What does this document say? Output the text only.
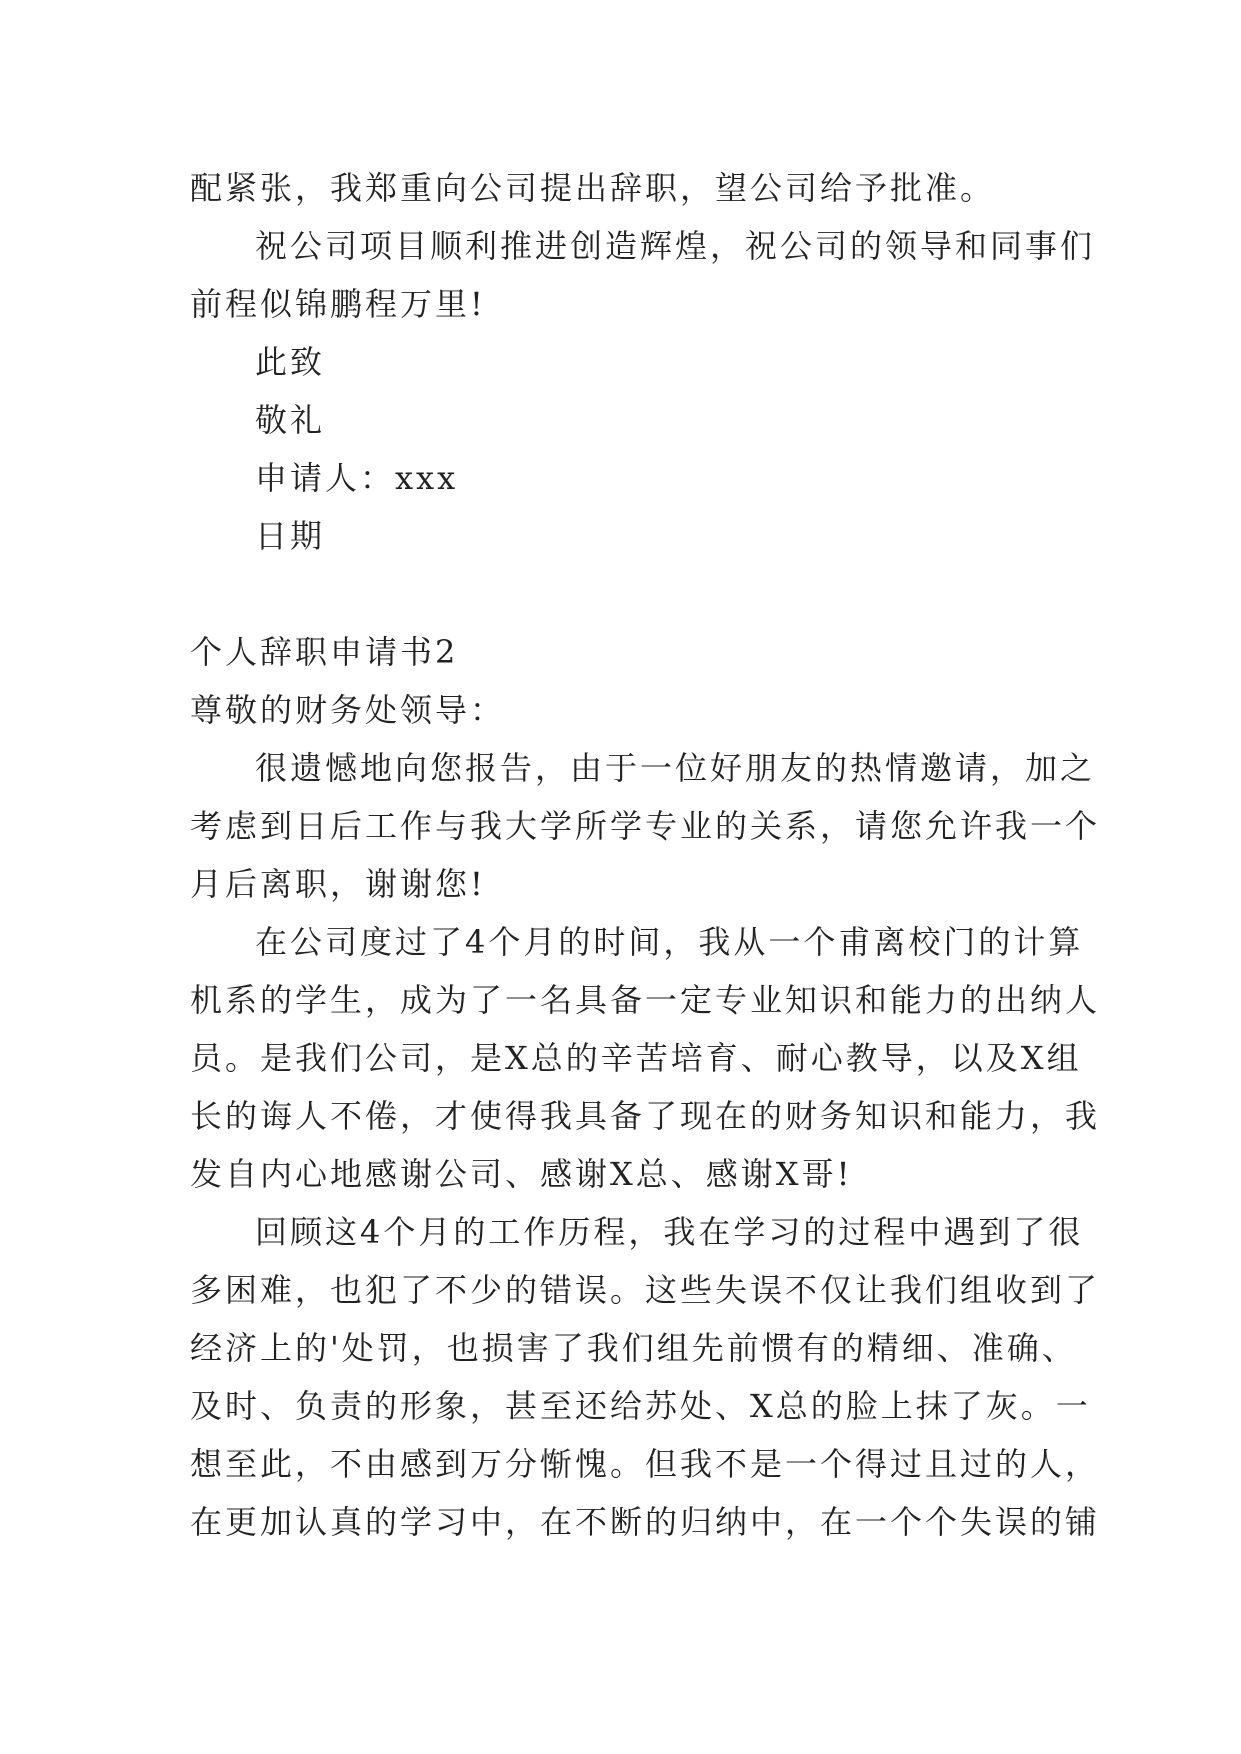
配紧张，我郑重向公司提出辞职，望公司给予批准。
祝公司项目顺利推进创造辉煌，祝公司的领导和同事们
前程似锦鹏程万里!
此致
敬礼
申请人：xxx
日期
个人辞职申请书2
尊敬的财务处领导：
很遗憾地向您报告，由于一位好朋友的热情邀请，加之
考虑到日后工作与我大学所学专业的关系，请您允许我一个
月后离职，谢谢您!
在公司度过了4个月的时间，我从一个甫离校门的计算
机系的学生，成为了一名具备一定专业知识和能力的出纳人
员。是我们公司，是X总的辛苦培育、耐心教导，以及X组
长的诲人不倦，才使得我具备了现在的财务知识和能力，我
发自内心地感谢公司、感谢X总、感谢X哥!
回顾这4个月的工作历程，我在学习的过程中遇到了很
多困难，也犯了不少的错误。这些失误不仅让我们组收到了
经济上的'处罚，也损害了我们组先前惯有的精细、准确、
及时、负责的形象，甚至还给苏处、X总的脸上抹了灰。一
想至此，不由感到万分惭愧。但我不是一个得过且过的人，
在更加认真的学习中，在不断的归纳中，在一个个失误的铺
